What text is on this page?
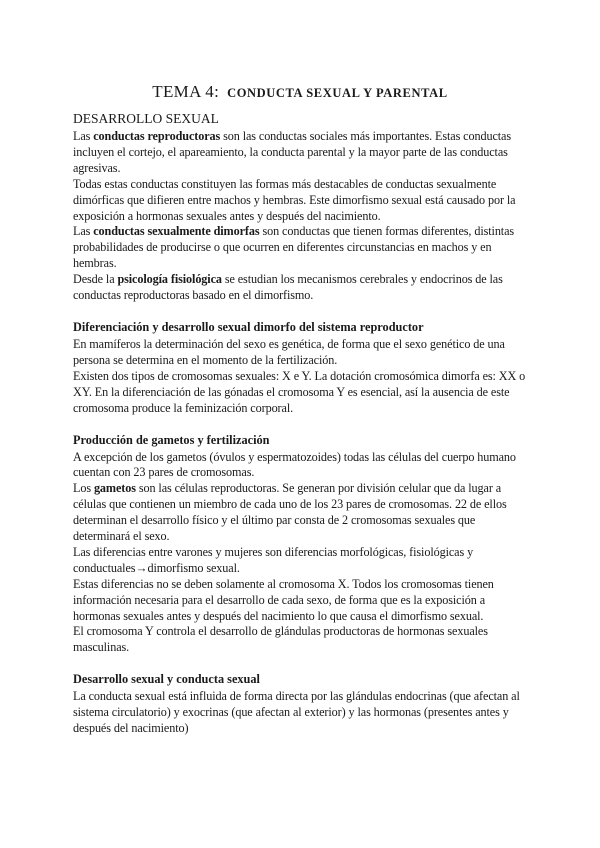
TEMA 4: CONDUCTA SEXUAL Y PARENTAL
DESARROLLO SEXUAL

Las conductas reproductoras son las conductas sociales más importantes. Estas conductas incluyen el cortejo, el apareamiento, la conducta parental y la mayor parte de las conductas agresivas.

Todas estas conductas constituyen las formas más destacables de conductas sexualmente dimórficas que difieren entre machos y hembras. Este dimorfismo sexual está causado por la exposición a hormonas sexuales antes y después del nacimiento.

Las conductas sexualmente dimorfas son conductas que tienen formas diferentes, distintas probabilidades de producirse o que ocurren en diferentes circunstancias en machos y en hembras.

Desde la psicología fisiológica se estudian los mecanismos cerebrales y endocrinos de las conductas reproductoras basado en el dimorfismo.

Diferenciación y desarrollo sexual dimorfo del sistema reproductor

En mamíferos la determinación del sexo es genética, de forma que el sexo genético de una persona se determina en el momento de la fertilización.

Existen dos tipos de cromosomas sexuales: X e Y. La dotación cromosómica dimorfa es: XX o XY. En la diferenciación de las gónadas el cromosoma Y es esencial, así la ausencia de este cromosoma produce la feminización corporal.

Producción de gametos y fertilización

A excepción de los gametos (óvulos y espermatozoides) todas las células del cuerpo humano cuentan con 23 pares de cromosomas.

Los gametos son las células reproductoras. Se generan por división celular que da lugar a células que contienen un miembro de cada uno de los 23 pares de cromosomas. 22 de ellos determinan el desarrollo físico y el último par consta de 2 cromosomas sexuales que determinará el sexo.

Las diferencias entre varones y mujeres son diferencias morfológicas, fisiológicas y conductuales→dimorfismo sexual.

Estas diferencias no se deben solamente al cromosoma X. Todos los cromosomas tienen información necesaria para el desarrollo de cada sexo, de forma que es la exposición a hormonas sexuales antes y después del nacimiento lo que causa el dimorfismo sexual.

El cromosoma Y controla el desarrollo de glándulas productoras de hormonas sexuales masculinas.

Desarrollo sexual y conducta sexual

La conducta sexual está influida de forma directa por las glándulas endocrinas (que afectan al sistema circulatorio) y exocrinas (que afectan al exterior) y las hormonas (presentes antes y después del nacimiento)
